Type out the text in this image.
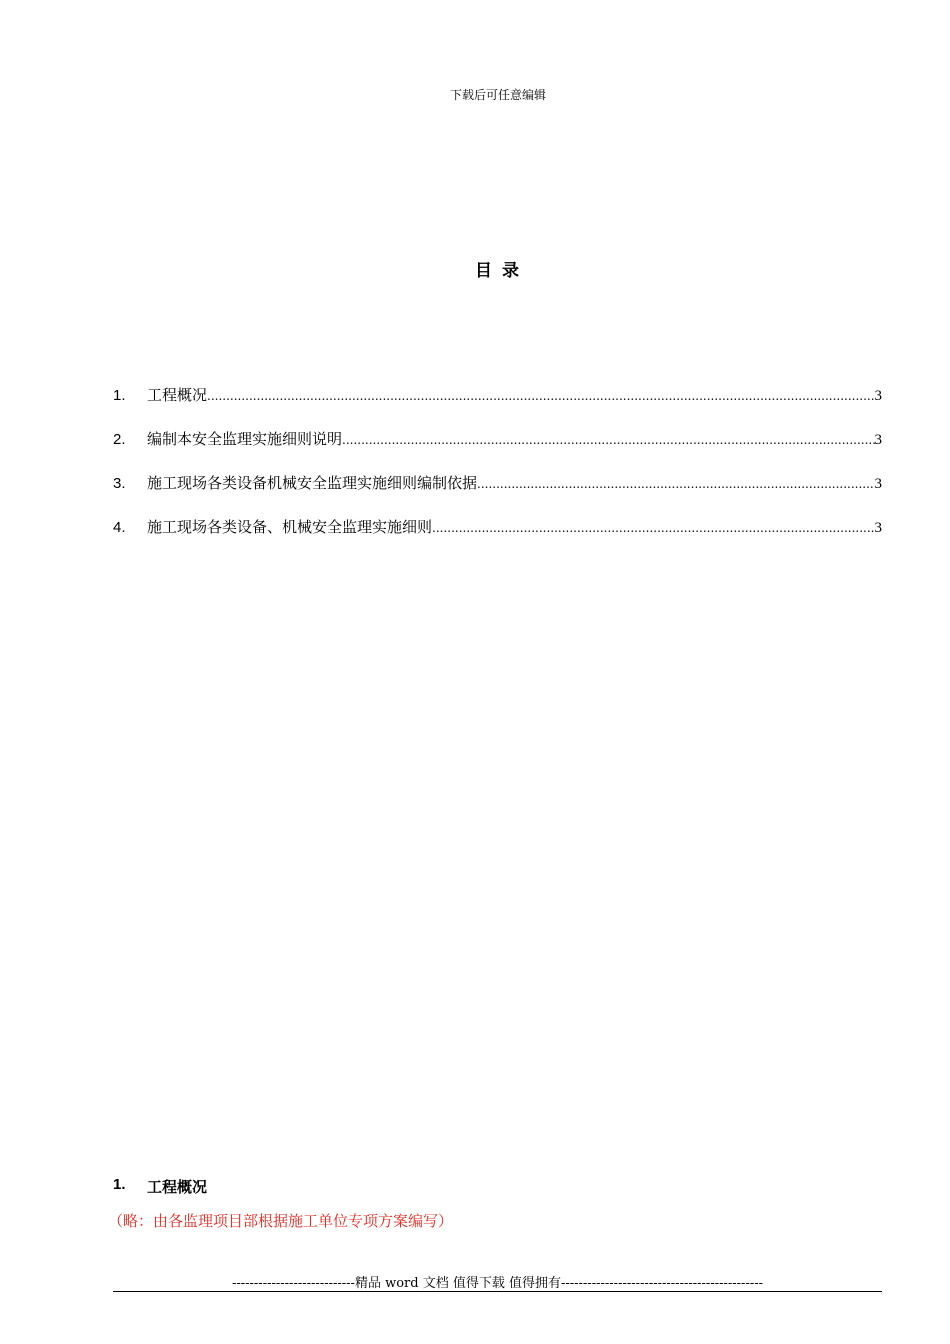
下载后可任意编辑
目 录
1.	工程概况 .....	3
2.	编制本安全监理实施细则说明 .....	3
3.	施工现场各类设备机械安全监理实施细则编制依据 .....	3
4.	施工现场各类设备、机械安全监理实施细则 .....	3
1.	工程概况
（略：由各监理项目部根据施工单位专项方案编写）
----------------------------精品 word 文档 值得下载 值得拥有----------------------------------------------
